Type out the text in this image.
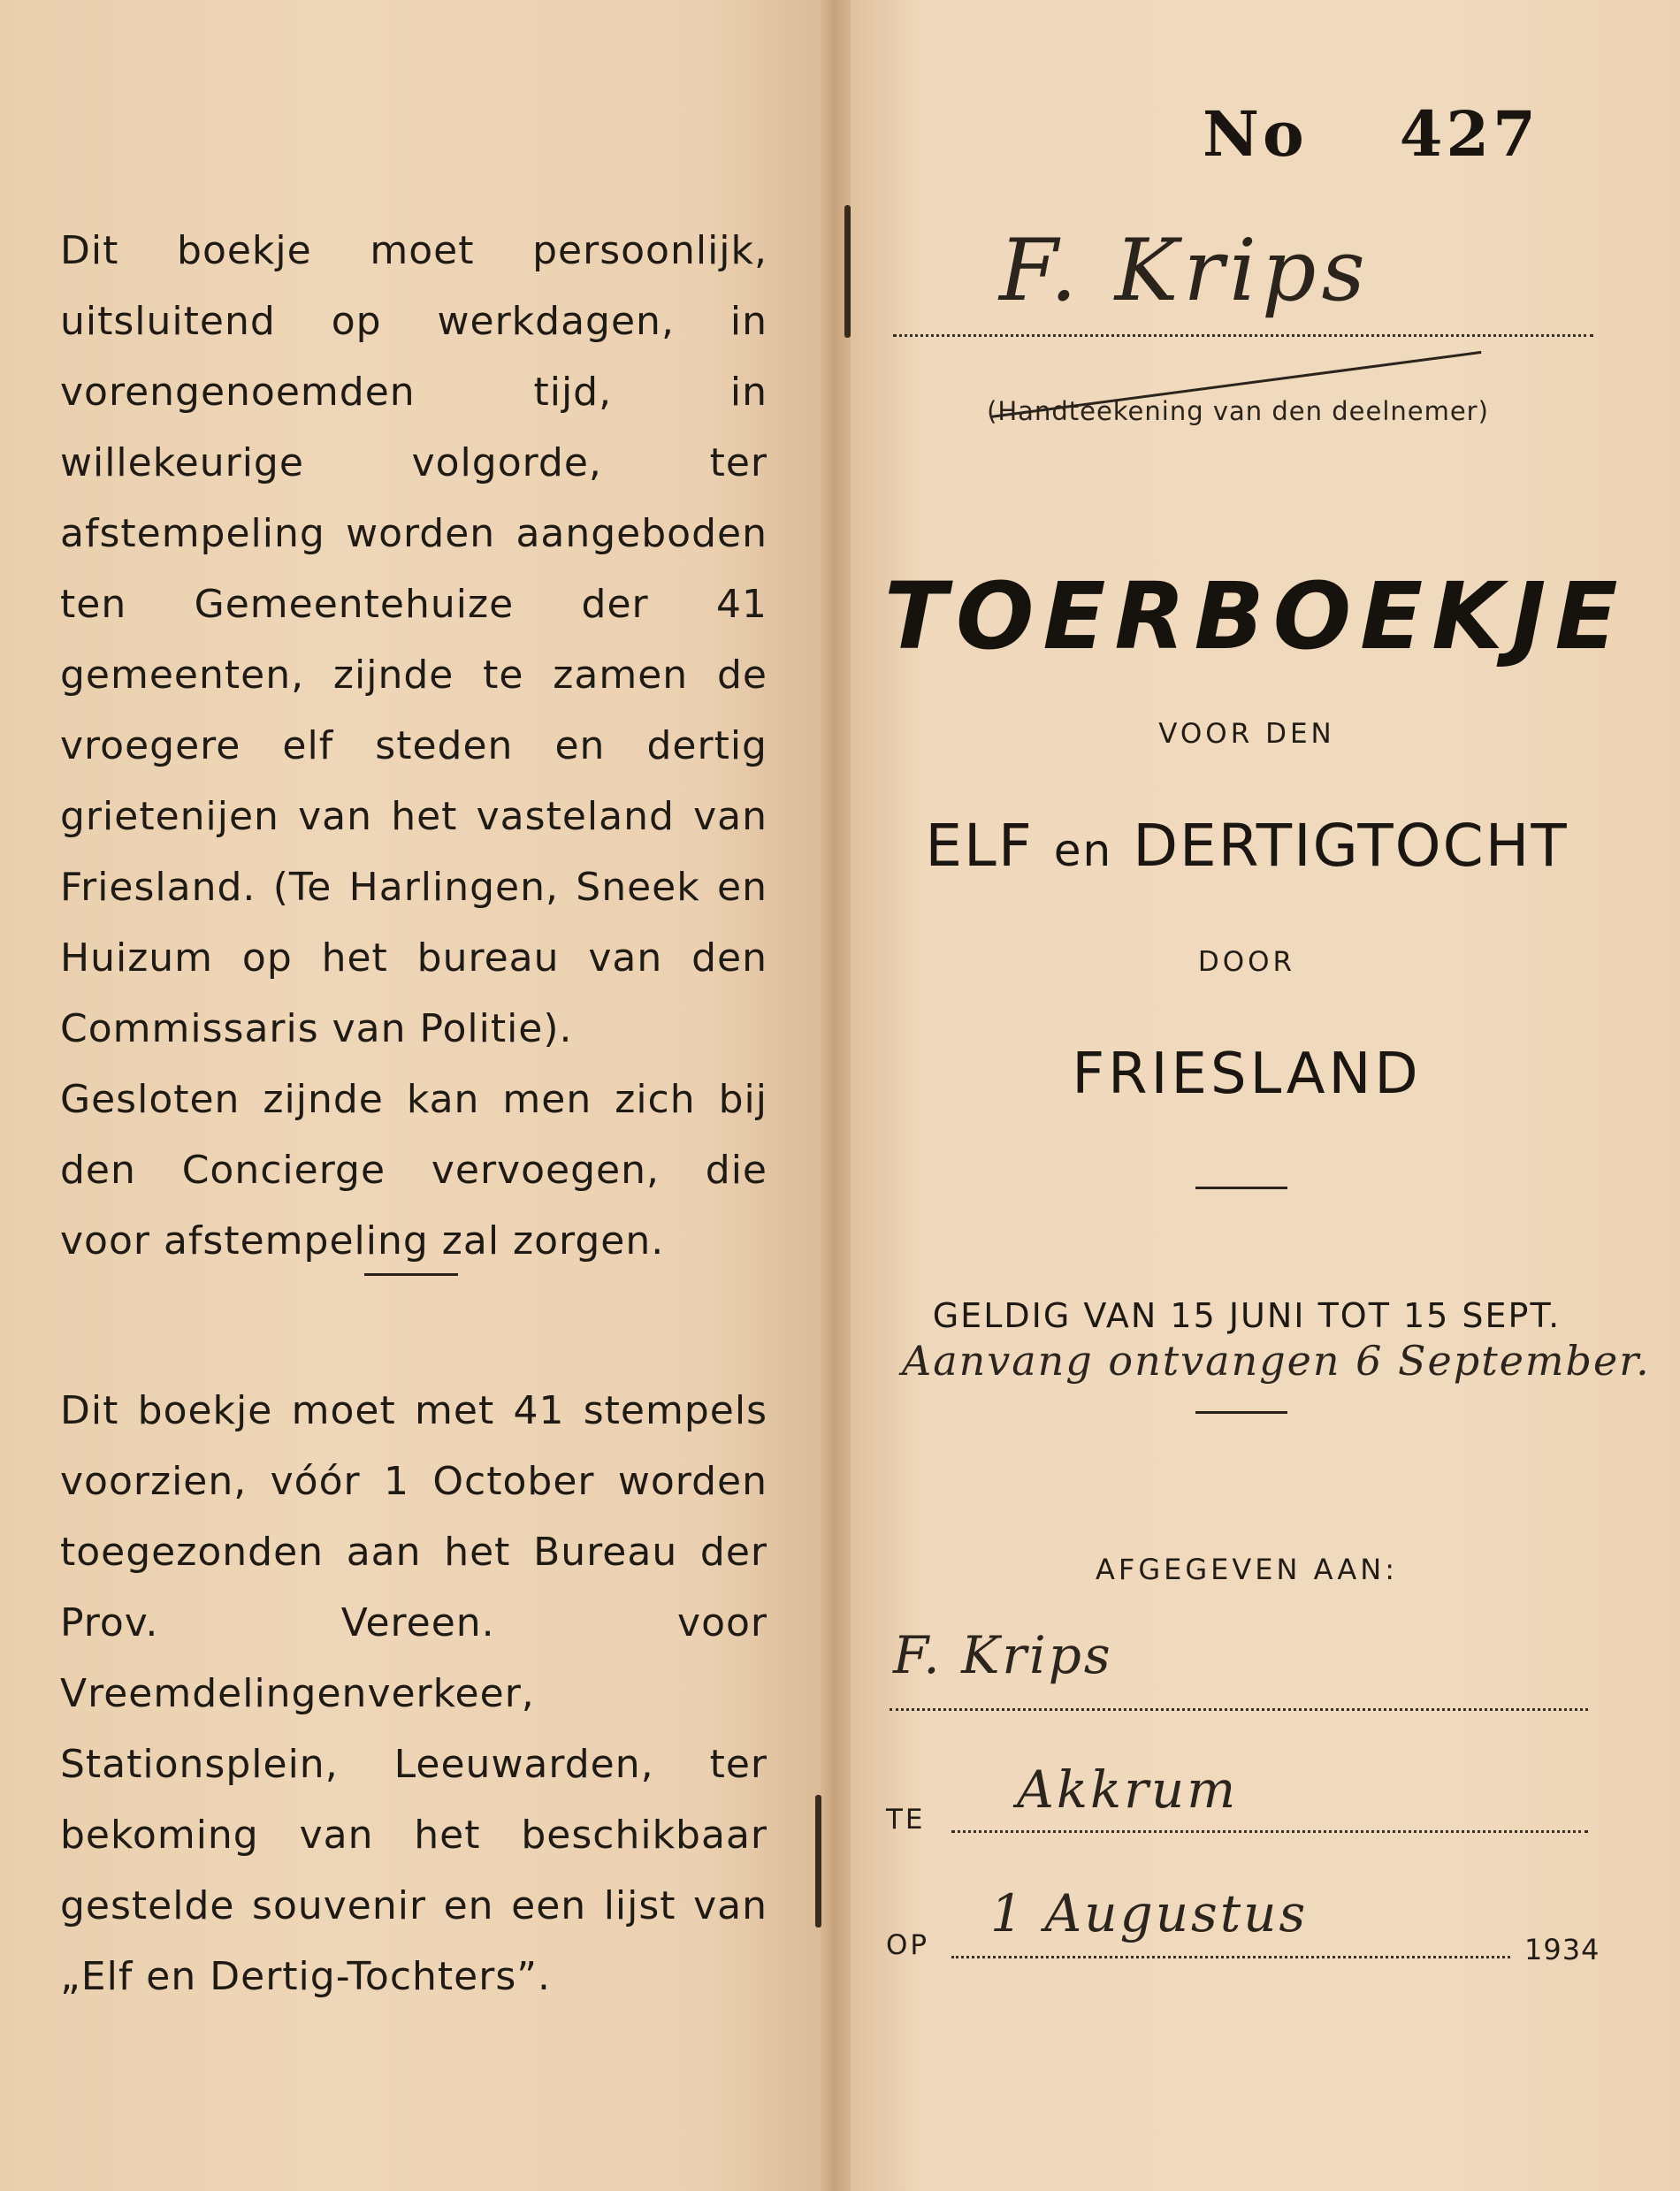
Dit boekje moet persoonlijk, uitsluitend op werkdagen, in vorengenoemden tijd, in willekeurige volgorde, ter afstempeling worden aangeboden ten Gemeentehuize der 41 gemeenten, zijnde te zamen de vroegere elf steden en dertig grietenijen van het vasteland van Friesland. (Te Harlingen, Sneek en Huizum op het bureau van den Commissaris van Politie).

Gesloten zijnde kan men zich bij den Concierge vervoegen, die voor afstempeling zal zorgen.

Dit boekje moet met 41 stempels voorzien, vóór 1 October worden toegezonden aan het Bureau der Prov. Vereen. voor Vreemdelingenverkeer, Stationsplein, Leeuwarden, ter bekoming van het beschikbaar gestelde souvenir en een lijst van „Elf en Dertig-Tochters”.

No 427
F. Krips
(Handteekening van den deelnemer)
TOERBOEKJE
VOOR DEN
ELF en DERTIGTOCHT
DOOR
FRIESLAND
GELDIG VAN 15 JUNI TOT 15 SEPT.
Aanvang ontvangen 6 September.
AFGEGEVEN AAN:
F. Krips
TE Akkrum
OP
1 Augustus
1934
